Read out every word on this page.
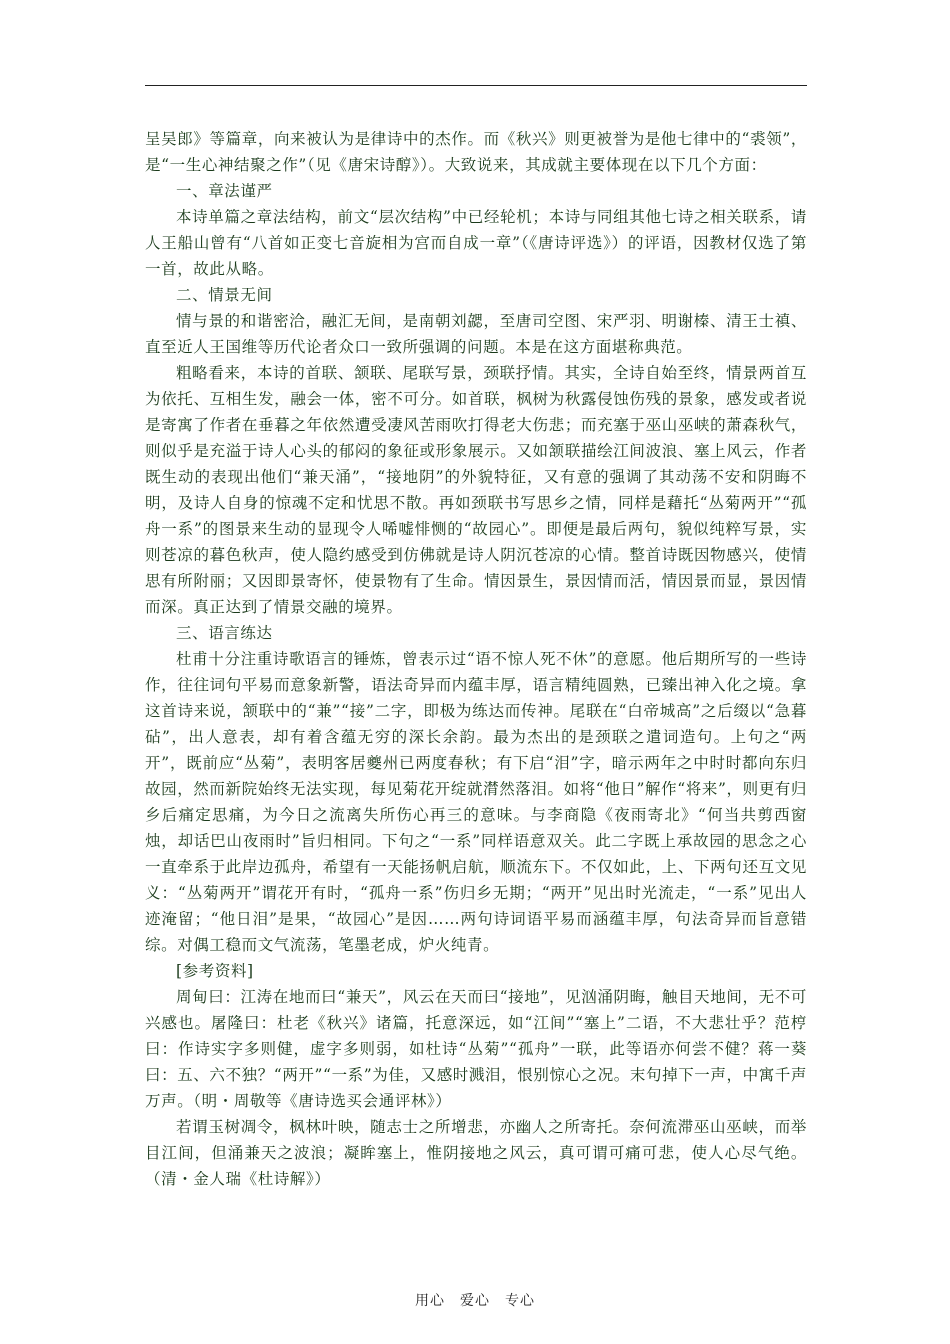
呈吴郎》等篇章，向来被认为是律诗中的杰作。而《秋兴》则更被誉为是他七律中的“裘领”，是“一生心神结聚之作”（见《唐宋诗醇》）。大致说来，其成就主要体现在以下几个方面：

一、章法谨严

本诗单篇之章法结构，前文“层次结构”中已经轮机；本诗与同组其他七诗之相关联系，请人王船山曾有“八首如正变七音旋相为宫而自成一章”（《唐诗评选》）的评语，因教材仅选了第一首，故此从略。

二、情景无间

情与景的和谐密洽，融汇无间，是南朝刘勰，至唐司空图、宋严羽、明谢榛、清王士禛、直至近人王国维等历代论者众口一致所强调的问题。本是在这方面堪称典范。

粗略看来，本诗的首联、颔联、尾联写景，颈联抒情。其实，全诗自始至终，情景两首互为依托、互相生发，融会一体，密不可分。如首联，枫树为秋露侵蚀伤残的景象，感发或者说是寄寓了作者在垂暮之年依然遭受凄风苦雨吹打得老大伤悲；而充塞于巫山巫峡的萧森秋气，则似乎是充溢于诗人心头的郁闷的象征或形象展示。又如颔联描绘江间波浪、塞上风云，作者既生动的表现出他们“兼天涌”，“接地阴”的外貌特征，又有意的强调了其动荡不安和阴晦不明，及诗人自身的惊魂不定和忧思不散。再如颈联书写思乡之情，同样是藉托“丛菊两开”“孤舟一系”的图景来生动的显现令人唏嘘悱恻的“故园心”。即便是最后两句，貌似纯粹写景，实则苍凉的暮色秋声，使人隐约感受到仿佛就是诗人阴沉苍凉的心情。整首诗既因物感兴，使情思有所附丽；又因即景寄怀，使景物有了生命。情因景生，景因情而活，情因景而显，景因情而深。真正达到了情景交融的境界。

三、语言练达

杜甫十分注重诗歌语言的锤炼，曾表示过“语不惊人死不休”的意愿。他后期所写的一些诗作，往往词句平易而意象新警，语法奇异而内蕴丰厚，语言精纯圆熟，已臻出神入化之境。拿这首诗来说，颔联中的“兼”“接”二字，即极为练达而传神。尾联在“白帝城高”之后缀以“急暮砧”，出人意表，却有着含蕴无穷的深长余韵。最为杰出的是颈联之遣词造句。上句之“两开”，既前应“丛菊”，表明客居夔州已两度春秋；有下启“泪”字，暗示两年之中时时都向东归故园，然而新院始终无法实现，每见菊花开绽就潸然落泪。如将“他日”解作“将来”，则更有归乡后痛定思痛，为今日之流离失所伤心再三的意味。与李商隐《夜雨寄北》“何当共剪西窗烛，却话巴山夜雨时”旨归相同。下句之“一系”同样语意双关。此二字既上承故园的思念之心一直牵系于此岸边孤舟，希望有一天能扬帆启航，顺流东下。不仅如此，上、下两句还互文见义：“丛菊两开”谓花开有时，“孤舟一系”伤归乡无期；“两开”见出时光流走，“一系”见出人迹淹留；“他日泪”是果，“故园心”是因……两句诗词语平易而涵蕴丰厚，句法奇异而旨意错综。对偶工稳而文气流荡，笔墨老成，炉火纯青。

[参考资料]

周甸曰：江涛在地而曰“兼天”，风云在天而曰“接地”，见汹涌阴晦，触目天地间，无不可兴感也。屠隆曰：杜老《秋兴》诸篇，托意深远，如“江间”“塞上”二语，不大悲壮乎？范梈曰：作诗实字多则健，虚字多则弱，如杜诗“丛菊”“孤舟”一联，此等语亦何尝不健？蒋一葵曰：五、六不独？“两开”“一系”为佳，又感时溅泪，恨别惊心之况。末句掉下一声，中寓千声万声。（明・周敬等《唐诗选买会通评林》）

若谓玉树凋令，枫林叶映，随志士之所增悲，亦幽人之所寄托。奈何流滞巫山巫峡，而举目江间，但涌兼天之波浪；凝眸塞上，惟阴接地之风云，真可谓可痛可悲，使人心尽气绝。（清・金人瑞《杜诗解》）

用心　爱心　专心
